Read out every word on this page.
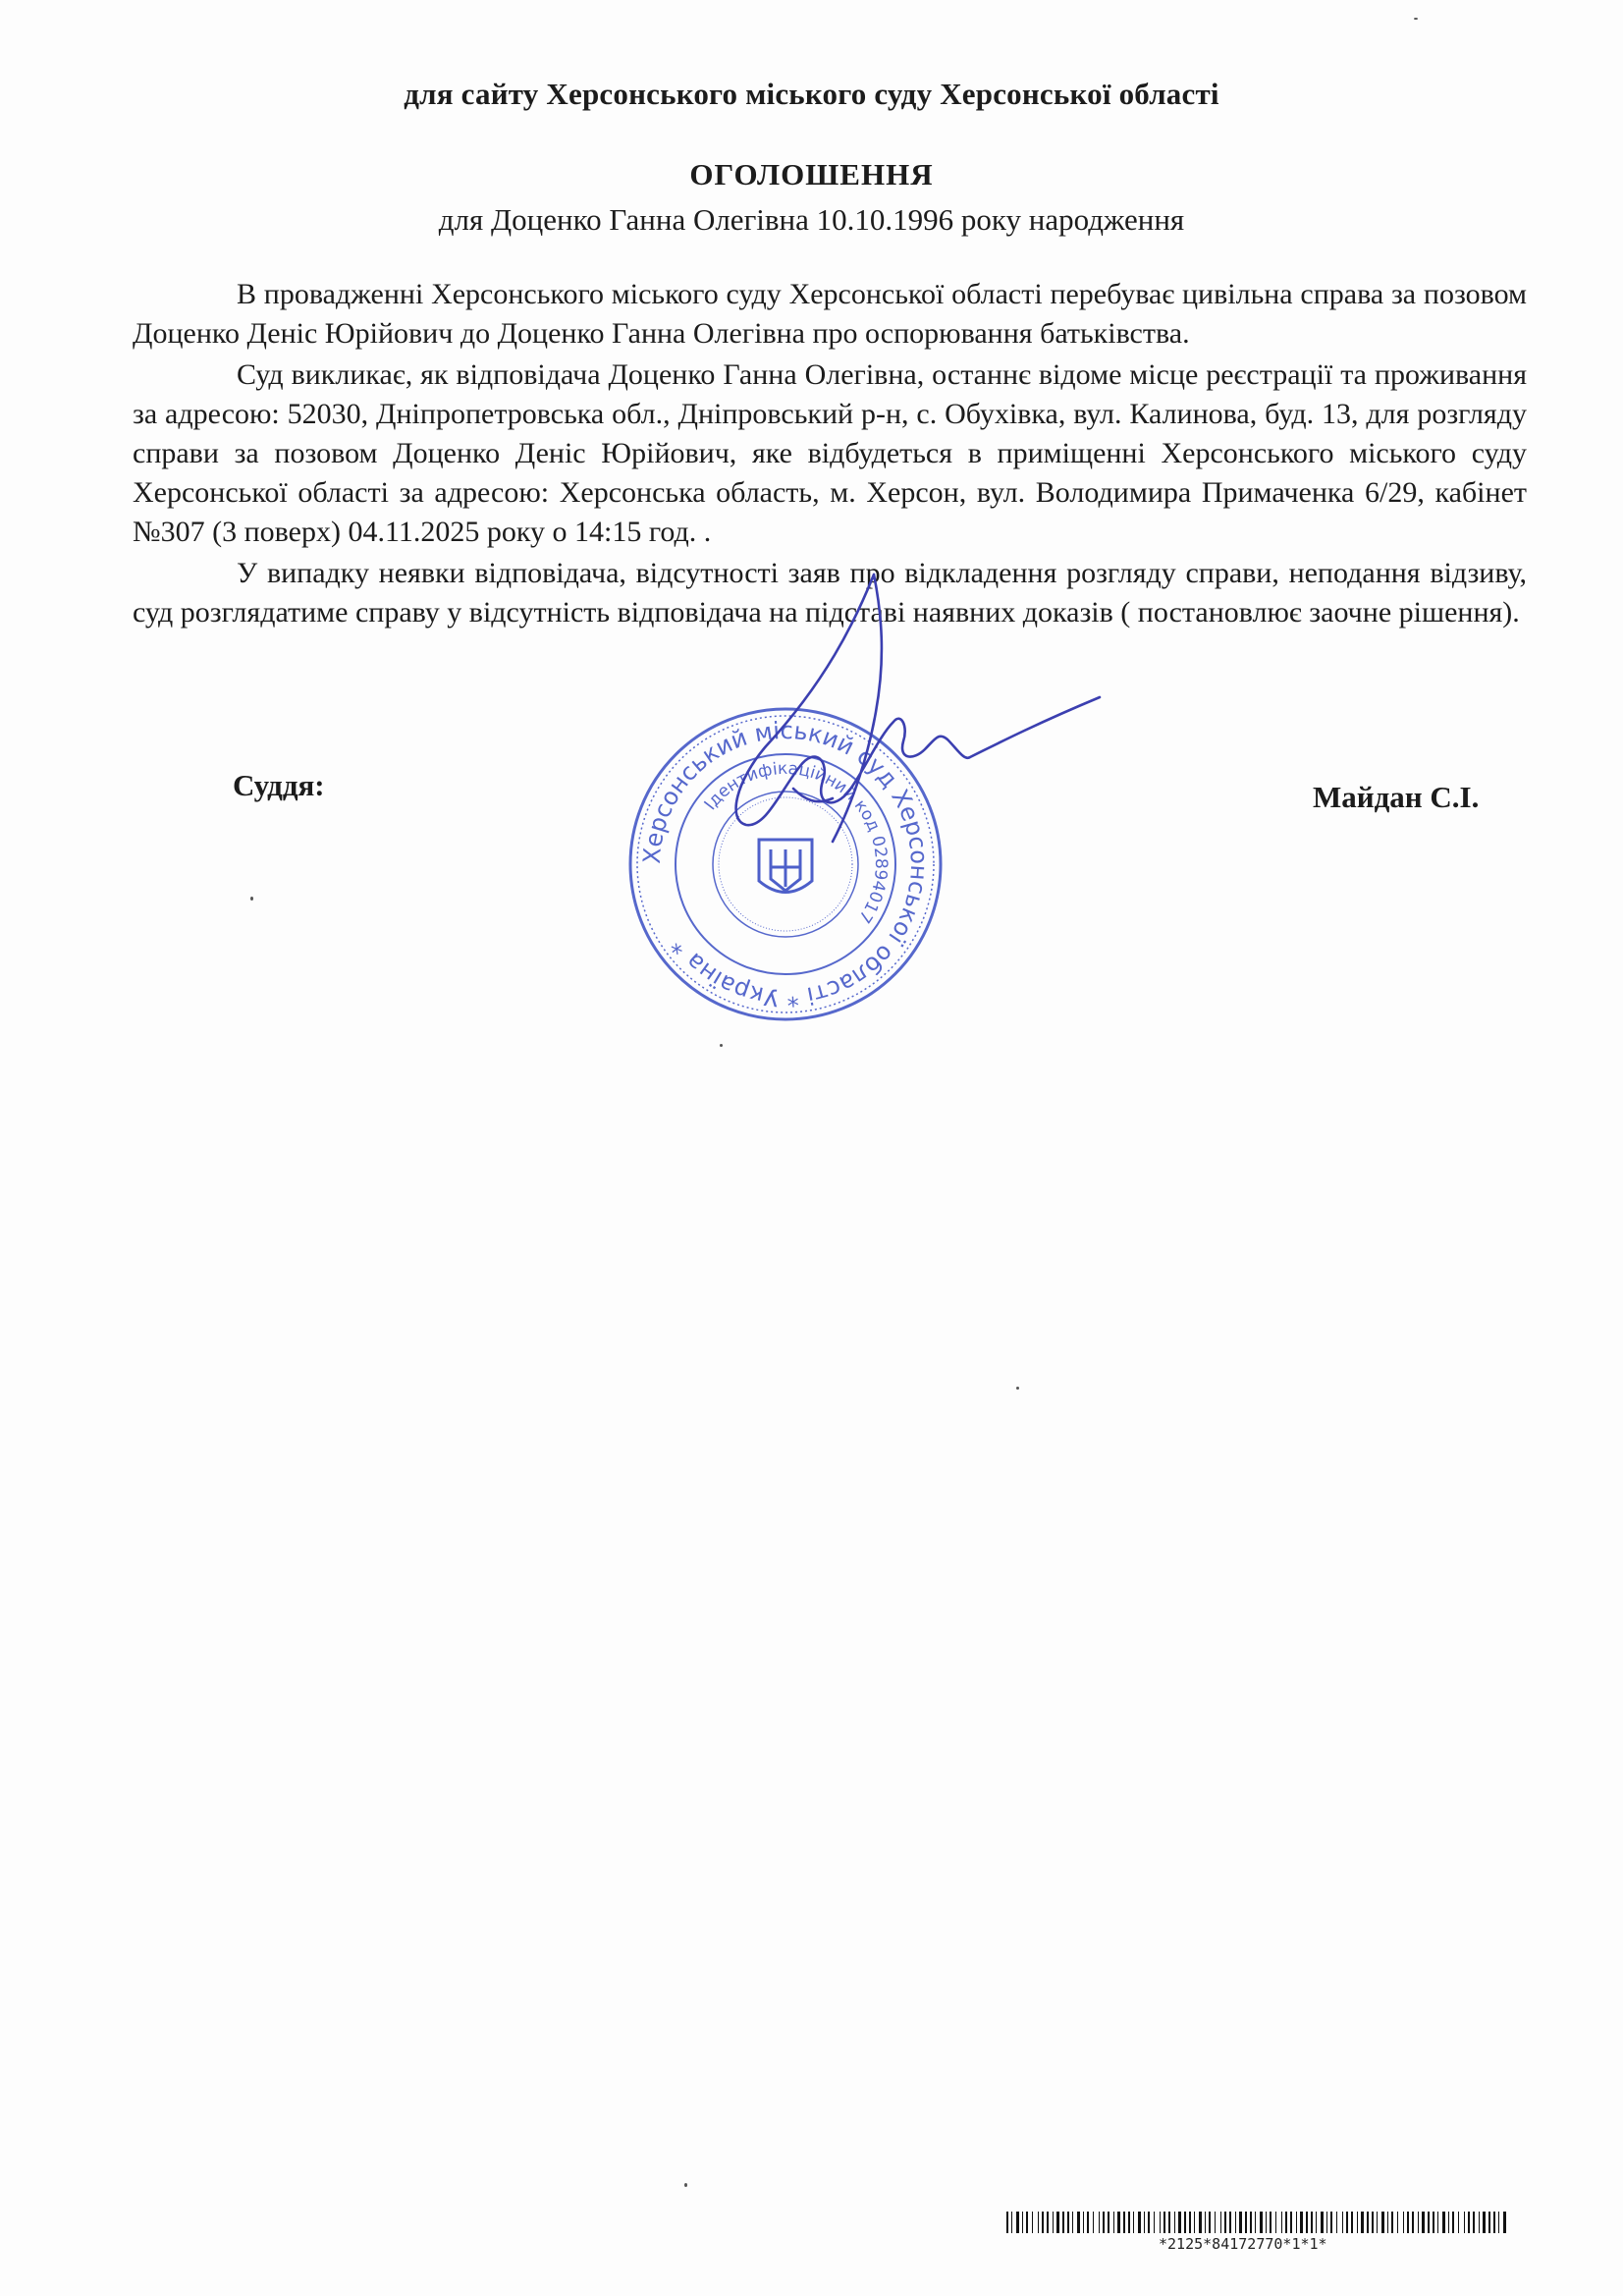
для сайту Херсонського міського суду Херсонської області
ОГОЛОШЕННЯ
для Доценко Ганна Олегівна 10.10.1996 року народження

В провадженні Херсонського міського суду Херсонської області перебуває цивільна справа за позовом Доценко Деніс Юрійович до Доценко Ганна Олегівна про оспорювання батьківства.

Суд викликає, як відповідача Доценко Ганна Олегівна, останнє відоме місце реєстрації та проживання за адресою: 52030, Дніпропетровська обл., Дніпровський р-н, с. Обухівка, вул. Калинова, буд. 13, для розгляду справи за позовом Доценко Деніс Юрійович, яке відбудеться в приміщенні Херсонського міського суду Херсонської області за адресою: Херсонська область, м. Херсон, вул. Володимира Примаченка 6/29, кабінет №307 (3 поверх) 04.11.2025 року о 14:15 год. .

У випадку неявки відповідача, відсутності заяв про відкладення розгляду справи, неподання відзиву, суд розглядатиме справу у відсутність відповідача на підставі наявних доказів ( постановлює заочне рішення).

Херсонський міський суд Херсонської області * Україна *
Ідентифікаційний код 02894017
Суддя:	Майдан С.І.
*2125*84172770*1*1*
